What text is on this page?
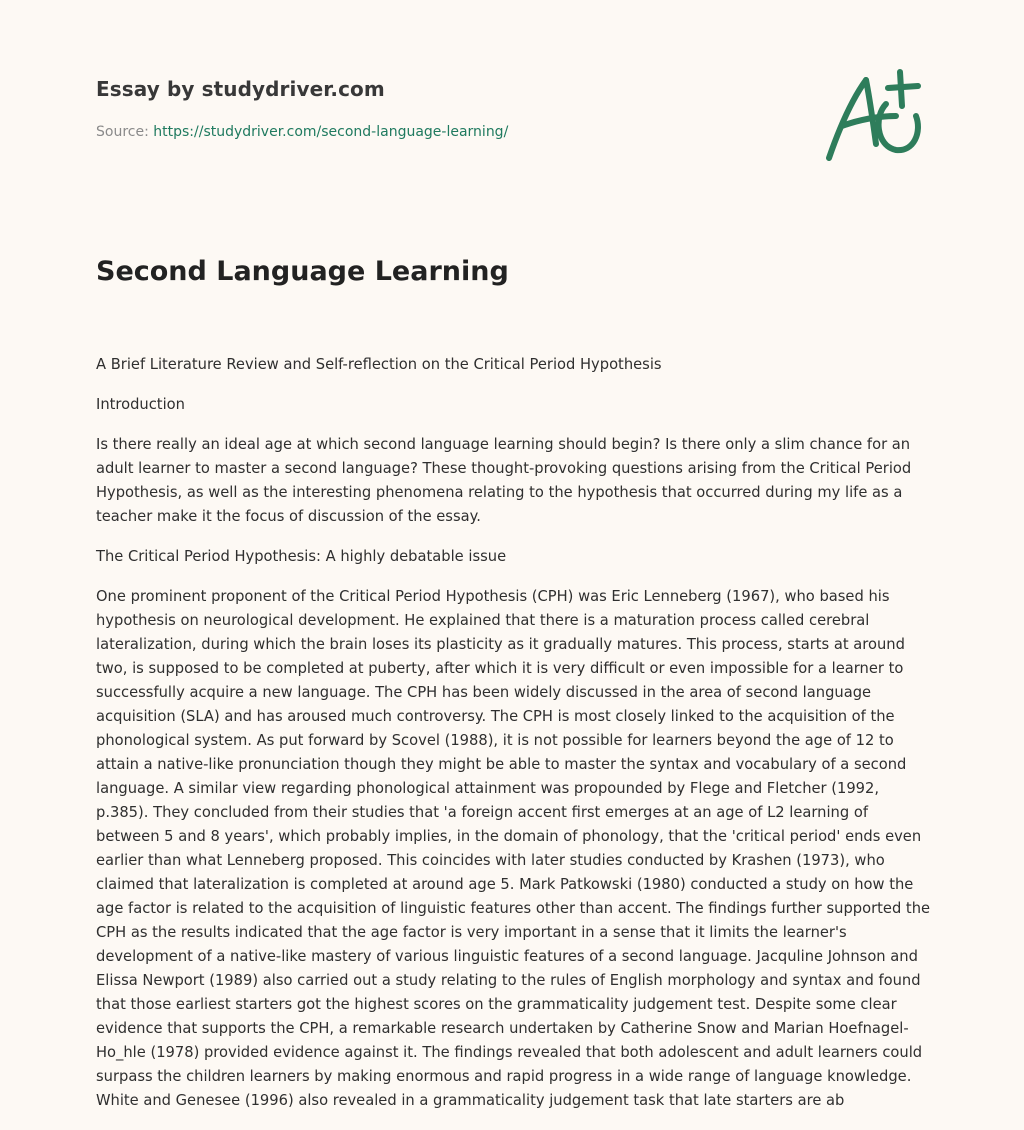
Essay by studydriver.com
Source: https://studydriver.com/second-language-learning/
Second Language Learning

A Brief Literature Review and Self-reflection on the Critical Period Hypothesis

Introduction

Is there really an ideal age at which second language learning should begin? Is there only a slim chance for an adult learner to master a second language? These thought-provoking questions arising from the Critical Period Hypothesis, as well as the interesting phenomena relating to the hypothesis that occurred during my life as a teacher make it the focus of discussion of the essay.

The Critical Period Hypothesis: A highly debatable issue

One prominent proponent of the Critical Period Hypothesis (CPH) was Eric Lenneberg (1967), who based his hypothesis on neurological development. He explained that there is a maturation process called cerebral lateralization, during which the brain loses its plasticity as it gradually matures. This process, starts at around two, is supposed to be completed at puberty, after which it is very difficult or even impossible for a learner to successfully acquire a new language. The CPH has been widely discussed in the area of second language acquisition (SLA) and has aroused much controversy. The CPH is most closely linked to the acquisition of the phonological system. As put forward by Scovel (1988), it is not possible for learners beyond the age of 12 to attain a native-like pronunciation though they might be able to master the syntax and vocabulary of a second language. A similar view regarding phonological attainment was propounded by Flege and Fletcher (1992, p.385). They concluded from their studies that 'a foreign accent first emerges at an age of L2 learning of between 5 and 8 years', which probably implies, in the domain of phonology, that the 'critical period' ends even earlier than what Lenneberg proposed. This coincides with later studies conducted by Krashen (1973), who claimed that lateralization is completed at around age 5. Mark Patkowski (1980) conducted a study on how the age factor is related to the acquisition of linguistic features other than accent. The findings further supported the CPH as the results indicated that the age factor is very important in a sense that it limits the learner's development of a native-like mastery of various linguistic features of a second language. Jacquline Johnson and Elissa Newport (1989) also carried out a study relating to the rules of English morphology and syntax and found that those earliest starters got the highest scores on the grammaticality judgement test. Despite some clear evidence that supports the CPH, a remarkable research undertaken by Catherine Snow and Marian Hoefnagel-Ho_hle (1978) provided evidence against it. The findings revealed that both adolescent and adult learners could surpass the children learners by making enormous and rapid progress in a wide range of language knowledge. White and Genesee (1996) also revealed in a grammaticality judgement task that late starters are ab
